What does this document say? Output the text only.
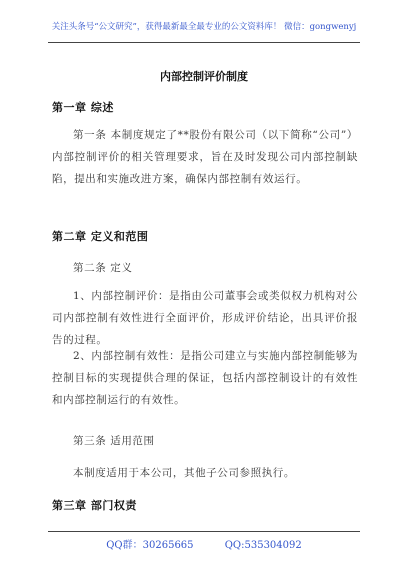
关注头条号“公文研究”，获得最新最全最专业的公文资料库！ 微信：gongwenyj
内部控制评价制度
第一章 综述
第一条 本制度规定了**股份有限公司（以下简称“公司”）内部控制评价的相关管理要求，旨在及时发现公司内部控制缺陷，提出和实施改进方案，确保内部控制有效运行。
第二章 定义和范围
第二条 定义
1、内部控制评价：是指由公司董事会或类似权力机构对公司内部控制有效性进行全面评价，形成评价结论，出具评价报告的过程。
2、内部控制有效性：是指公司建立与实施内部控制能够为控制目标的实现提供合理的保证，包括内部控制设计的有效性和内部控制运行的有效性。
第三条 适用范围
本制度适用于本公司，其他子公司参照执行。
第三章 部门权责
QQ群：30265665	QQ:535304092
